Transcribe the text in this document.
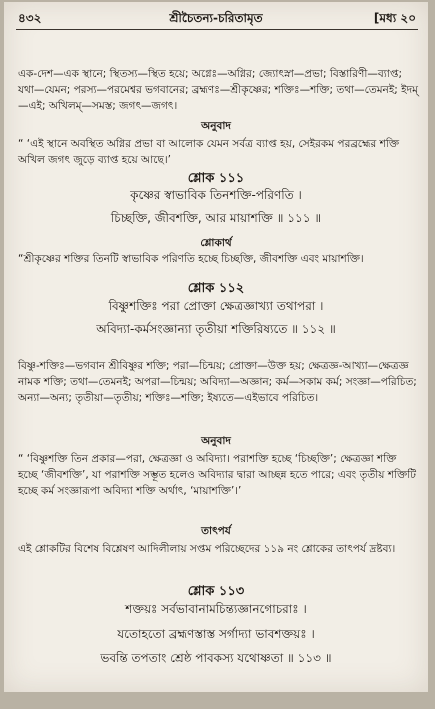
৪৩২	শ্রীচৈতন্য-চরিতামৃত	[মধ্য ২০
এক-দেশ—এক স্থানে; স্থিতস্য—স্থিত হয়ে; অগ্নেঃ—অগ্নির; জ্যোৎস্না—প্রভা; বিস্তারিণী—ব্যাপ্ত; যথা—যেমন; পরস্য—পরমেশ্বর ভগবানের; ব্রহ্মণঃ—শ্রীকৃষ্ণের; শক্তিঃ—শক্তি; তথা—তেমনই; ইদম্—এই; অখিলম্—সমস্ত; জগৎ—জগৎ।
অনুবাদ
“ ‘এই স্থানে অবস্থিত অগ্নির প্রভা বা আলোক যেমন সর্বত্র ব্যাপ্ত হয়, সেইরকম পরব্রহ্মের শক্তি অখিল জগৎ জুড়ে ব্যাপ্ত হয়ে আছে।’
শ্লোক ১১১
কৃষ্ণের স্বাভাবিক তিনশক্তি-পরিণতি ।
চিচ্ছক্তি, জীবশক্তি, আর মায়াশক্তি ॥ ১১১ ॥
শ্লোকার্থ
“শ্রীকৃষ্ণের শক্তির তিনটি স্বাভাবিক পরিণতি হচ্ছে চিচ্ছক্তি, জীবশক্তি এবং মায়াশক্তি।
শ্লোক ১১২
বিষ্ণুশক্তিঃ পরা প্রোক্তা ক্ষেত্রজ্ঞাখ্যা তথাপরা ।
অবিদ্যা-কর্মসংজ্ঞান্যা তৃতীয়া শক্তিরিষ্যতে ॥ ১১২ ॥
বিষ্ণু-শক্তিঃ—ভগবান শ্রীবিষ্ণুর শক্তি; পরা—চিন্ময়; প্রোক্তা—উক্ত হয়; ক্ষেত্রজ্ঞ-আখ্যা—ক্ষেত্রজ্ঞ নামক শক্তি; তথা—তেমনই; অপরা—চিন্ময়; অবিদ্যা—অজ্ঞান; কর্ম—সকাম কর্ম; সংজ্ঞা—পরিচিত; অন্যা—অন্য; তৃতীয়া—তৃতীয়; শক্তিঃ—শক্তি; ইষ্যতে—এইভাবে পরিচিত।
অনুবাদ
“ ‘বিষ্ণুশক্তি তিন প্রকার—পরা, ক্ষেত্রজ্ঞা ও অবিদ্যা। পরাশক্তি হচ্ছে ‘চিচ্ছক্তি’; ক্ষেত্রজ্ঞা শক্তি হচ্ছে ‘জীবশক্তি’, যা পরাশক্তি সম্ভূত হলেও অবিদ্যার দ্বারা আচ্ছন্ন হতে পারে; এবং তৃতীয় শক্তিটি হচ্ছে কর্ম সংজ্ঞারূপা অবিদ্যা শক্তি অর্থাৎ, ‘মায়াশক্তি’।’
তাৎপর্য
এই শ্লোকটির বিশেষ বিশ্লেষণ আদিলীলায় সপ্তম পরিচ্ছেদের ১১৯ নং শ্লোকের তাৎপর্য দ্রষ্টব্য।
শ্লোক ১১৩
শক্তয়ঃ সর্বভাবানামচিন্ত্যজ্ঞানগোচরাঃ ।
যতোহতো ব্রহ্মণস্তাস্ত সর্গাদ্যা ভাবশক্তয়ঃ ।
ভবন্তি তপতাং শ্রেষ্ঠ পাবকস্য যথোষ্ণতা ॥ ১১৩ ॥
